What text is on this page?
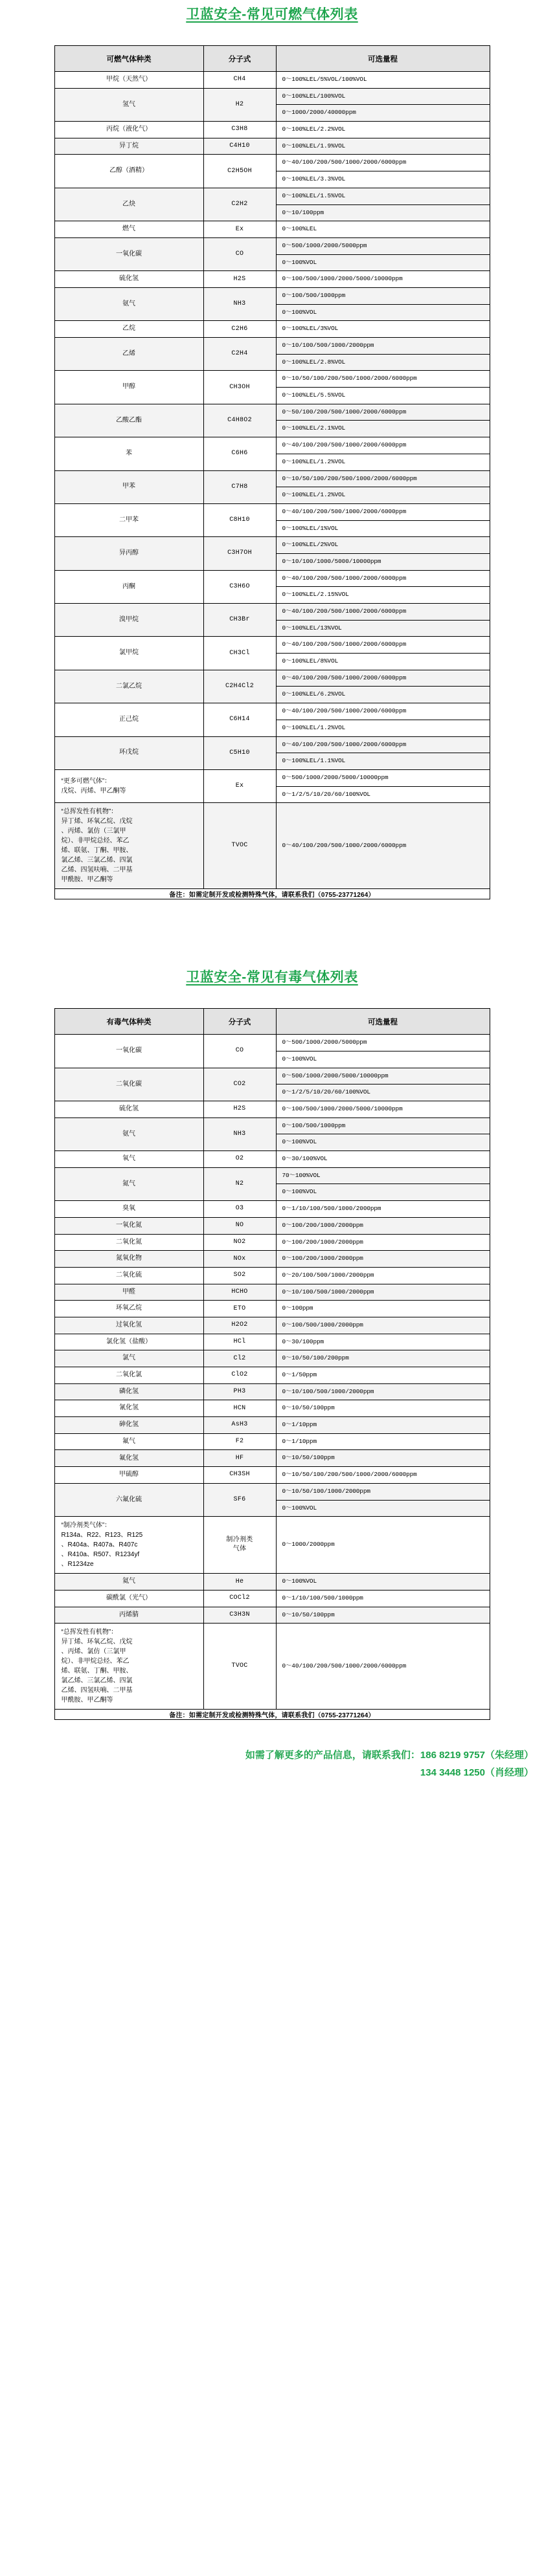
卫蓝安全-常见可燃气体列表
可燃气体种类	分子式	可选量程
甲烷（天然气）	CH4	0～100%LEL/5%VOL/100%VOL

氢气	H2	0～100%LEL/100%VOL
0～1000/2000/40000ppm

丙烷（液化气）	C3H8	0～100%LEL/2.2%VOL

异丁烷	C4H10	0～100%LEL/1.9%VOL

乙醇（酒精）	C2H5OH	0～40/100/200/500/1000/2000/6000ppm
0～100%LEL/3.3%VOL

乙炔	C2H2	0～100%LEL/1.5%VOL
0～10/100ppm

燃气	Ex	0～100%LEL

一氧化碳	CO	0～500/1000/2000/5000ppm
0～100%VOL

硫化氢	H2S	0～100/500/1000/2000/5000/10000ppm

氨气	NH3	0～100/500/1000ppm
0～100%VOL

乙烷	C2H6	0～100%LEL/3%VOL

乙烯	C2H4	0～10/100/500/1000/2000ppm
0～100%LEL/2.8%VOL

甲醇	CH3OH	0～10/50/100/200/500/1000/2000/6000ppm
0～100%LEL/5.5%VOL

乙酸乙酯	C4H8O2	0～50/100/200/500/1000/2000/6000ppm
0～100%LEL/2.1%VOL

苯	C6H6	0～40/100/200/500/1000/2000/6000ppm
0～100%LEL/1.2%VOL

甲苯	C7H8	0～10/50/100/200/500/1000/2000/6000ppm
0～100%LEL/1.2%VOL

二甲苯	C8H10	0～40/100/200/500/1000/2000/6000ppm
0～100%LEL/1%VOL

异丙醇	C3H7OH	0～100%LEL/2%VOL
0～10/100/1000/5000/10000ppm

丙酮	C3H6O	0～40/100/200/500/1000/2000/6000ppm
0～100%LEL/2.15%VOL

溴甲烷	CH3Br	0～40/100/200/500/1000/2000/6000ppm
0～100%LEL/13%VOL

氯甲烷	CH3Cl	0～40/100/200/500/1000/2000/6000ppm
0～100%LEL/8%VOL

二氯乙烷	C2H4Cl2	0～40/100/200/500/1000/2000/6000ppm
0～100%LEL/6.2%VOL

正己烷	C6H14	0～40/100/200/500/1000/2000/6000ppm
0～100%LEL/1.2%VOL

环戊烷	C5H10	0～40/100/200/500/1000/2000/6000ppm
0～100%LEL/1.1%VOL

“更多可燃气体”：
戊烷、丙烯、甲乙酮等	Ex	0～500/1000/2000/5000/10000ppm
0～1/2/5/10/20/60/100%VOL

“总挥发性有机物”：
异丁烯、环氧乙烷、戊烷
、丙烯、氯仿（三氯甲
烷）、非甲烷总烃、苯乙
烯、联氨、丁酮、甲胺、
氯乙烯、三氯乙烯、四氯
乙烯、四氢呋喃、二甲基
甲酰胺、甲乙酮等	TVOC	0～40/100/200/500/1000/2000/6000ppm

备注：如需定制开发或检测特殊气体，请联系我们（0755-23771264）		
卫蓝安全-常见有毒气体列表
有毒气体种类	分子式	可选量程
一氧化碳	CO	0～500/1000/2000/5000ppm
0～100%VOL

二氧化碳	CO2	0～500/1000/2000/5000/10000ppm
0～1/2/5/10/20/60/100%VOL

硫化氢	H2S	0～100/500/1000/2000/5000/10000ppm

氨气	NH3	0～100/500/1000ppm
0～100%VOL

氧气	O2	0～30/100%VOL

氮气	N2	70～100%VOL
0～100%VOL

臭氧	O3	0～1/10/100/500/1000/2000ppm

一氧化氮	NO	0～100/200/1000/2000ppm

二氧化氮	NO2	0～100/200/1000/2000ppm

氮氧化物	NOx	0～100/200/1000/2000ppm

二氧化硫	SO2	0～20/100/500/1000/2000ppm

甲醛	HCHO	0～10/100/500/1000/2000ppm

环氧乙烷	ETO	0～100ppm

过氧化氢	H2O2	0～100/500/1000/2000ppm

氯化氢（盐酸）	HCl	0～30/100ppm

氯气	Cl2	0～10/50/100/200ppm

二氧化氯	ClO2	0～1/50ppm

磷化氢	PH3	0～10/100/500/1000/2000ppm

氰化氢	HCN	0～10/50/100ppm

砷化氢	AsH3	0～1/10ppm

氟气	F2	0～1/10ppm

氟化氢	HF	0～10/50/100ppm

甲硫醇	CH3SH	0～10/50/100/200/500/1000/2000/6000ppm

六氟化硫	SF6	0～10/50/100/1000/2000ppm
0～100%VOL

“制冷剂类气体”：
R134a、R22、R123、R125
、R404a、R407a、R407c
、R410a、R507、R1234yf
、R1234ze	制冷剂类
气体	0～1000/2000ppm

氦气	He	0～100%VOL

碳酰氯（光气）	COCl2	0～1/10/100/500/1000ppm

丙烯腈	C3H3N	0～10/50/100ppm

“总挥发性有机物”：
异丁烯、环氧乙烷、戊烷
、丙烯、氯仿（三氯甲
烷）、非甲烷总烃、苯乙
烯、联氨、丁酮、甲胺、
氯乙烯、三氯乙烯、四氯
乙烯、四氢呋喃、二甲基
甲酰胺、甲乙酮等	TVOC	0～40/100/200/500/1000/2000/6000ppm

备注：如需定制开发或检测特殊气体，请联系我们（0755-23771264）		
如需了解更多的产品信息，请联系我们：186 8219 9757（朱经理）
134 3448 1250（肖经理）
